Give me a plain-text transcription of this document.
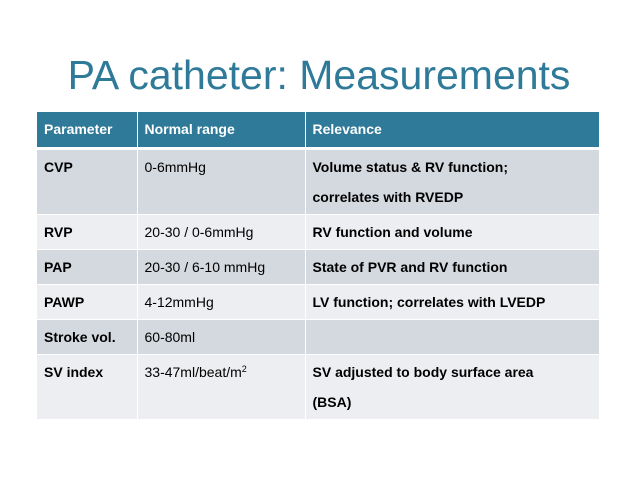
PA catheter: Measurements
Parameter	Normal range	Relevance
CVP	0-6mmHg	Volume status & RV function;
correlates with RVEDP

RVP	20-30 / 0-6mmHg	RV function and volume

PAP	20-30 / 6-10 mmHg	State of PVR and RV function

PAWP	4-12mmHg	LV function; correlates with LVEDP

Stroke vol.	60-80ml	
SV index	$33-47ml/beat/m^2$	SV adjusted to body surface area
(BSA)
